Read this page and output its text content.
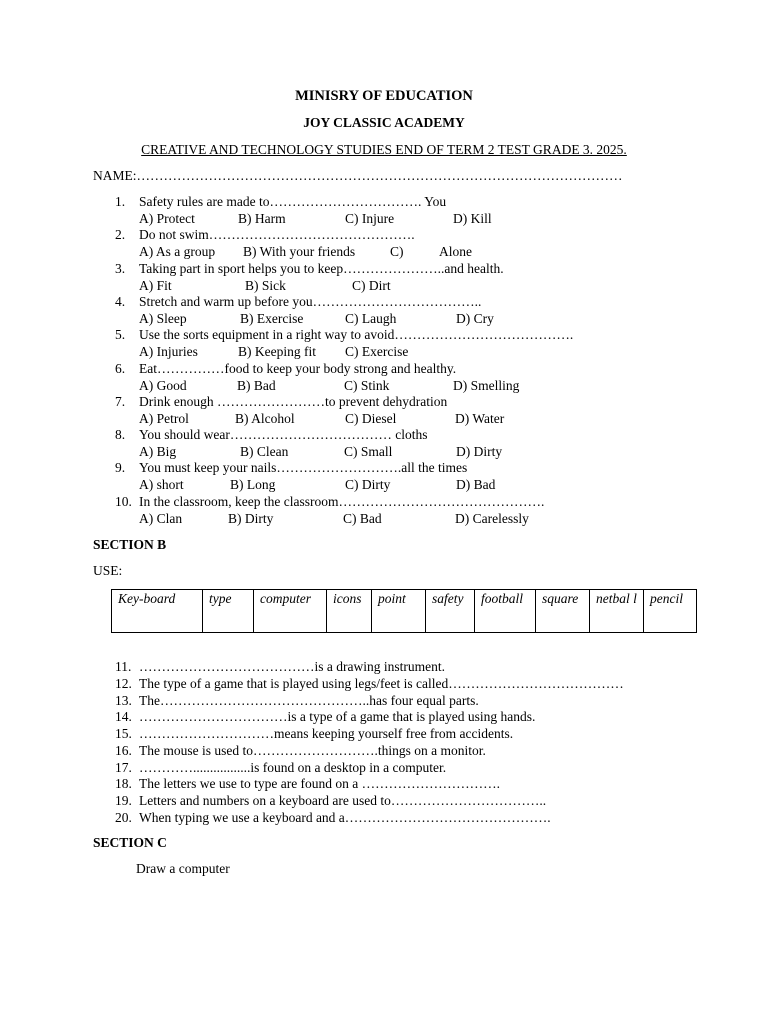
MINISRY OF EDUCATION
JOY CLASSIC ACADEMY
CREATIVE AND TECHNOLOGY STUDIES END OF TERM 2 TEST GRADE 3. 2025.
NAME:………………………………………………………………………………………………
1. Safety rules are made to……………………………. You
A) Protect	B) Harm	C) Injure	D) Kill
2. Do not swim……………………………………….
A) As a group B) With your friends	C)	Alone
3. Taking part in sport helps you to keep…………………..and health.
A) Fit	B) Sick	C) Dirt
4. Stretch and warm up before you………………………………..
A) Sleep	B) Exercise	C) Laugh	D) Cry
5. Use the sorts equipment in a right way to avoid………………………………….
A) Injuries	B) Keeping fit C) Exercise
6. Eat……………food to keep your body strong and healthy.
A) Good	B) Bad	C) Stink	D) Smelling
7. Drink enough ……………………to prevent dehydration
A) Petrol	B) Alcohol	C) Diesel	D) Water
8. You should wear……………………………… cloths
A) Big	B) Clean	C) Small	D) Dirty
9. You must keep your nails……………………….all the times
A) short	B) Long	C) Dirty	D) Bad
10. In the classroom, keep the classroom……………………………………….
A) Clan	B) Dirty	C) Bad	D) Carelessly
SECTION B
USE:
Key-board	type	computer	icons	point	safety	football	square	netbal l	pencil
11. …………………………………is a drawing instrument.
12. The type of a game that is played using legs/feet is called…………………………………
13. The………………………………………..has four equal parts.
14. ……………………………is a type of a game that is played using hands.
15. …………………………means keeping yourself free from accidents.
16. The mouse is used to……………………….things on a monitor.
17. ………….................is found on a desktop in a computer.
18. The letters we use to type are found on a ………………………….
19. Letters and numbers on a keyboard are used to……………………………..
20. When typing we use a keyboard and a……………………………………….
SECTION C
Draw a computer
